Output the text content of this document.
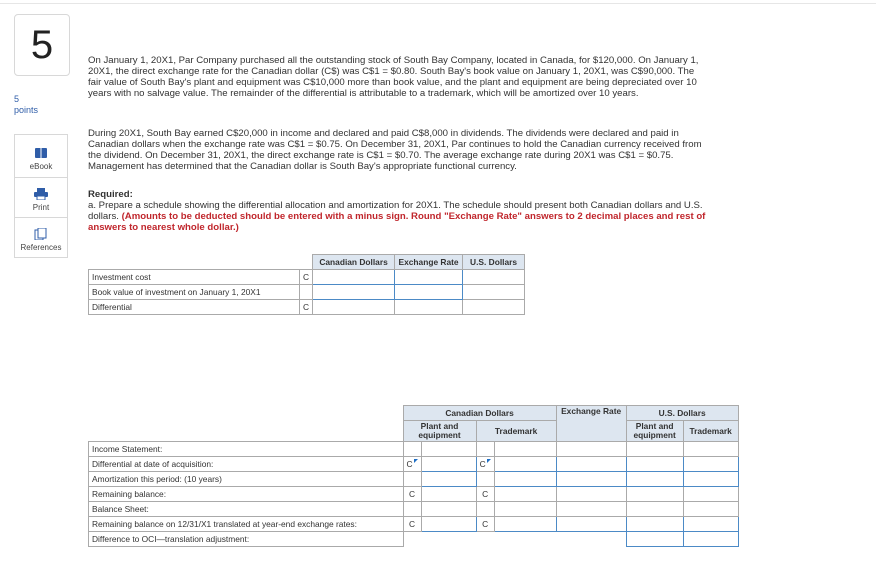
5
5
points
eBook
Print
References
On January 1, 20X1, Par Company purchased all the outstanding stock of South Bay Company, located in Canada, for $120,000. On January 1, 20X1, the direct exchange rate for the Canadian dollar (C$) was C$1 = $0.80. South Bay's book value on January 1, 20X1, was C$90,000. The fair value of South Bay's plant and equipment was C$10,000 more than book value, and the plant and equipment are being depreciated over 10 years with no salvage value. The remainder of the differential is attributable to a trademark, which will be amortized over 10 years.
During 20X1, South Bay earned C$20,000 in income and declared and paid C$8,000 in dividends. The dividends were declared and paid in Canadian dollars when the exchange rate was C$1 = $0.75. On December 31, 20X1, Par continues to hold the Canadian currency received from the dividend. On December 31, 20X1, the direct exchange rate is C$1 = $0.70. The average exchange rate during 20X1 was C$1 = $0.75. Management has determined that the Canadian dollar is South Bay's appropriate functional currency.
Required:
a. Prepare a schedule showing the differential allocation and amortization for 20X1. The schedule should present both Canadian dollars and U.S. dollars. (Amounts to be deducted should be entered with a minus sign. Round "Exchange Rate" answers to 2 decimal places and rest of answers to nearest whole dollar.)
		Canadian Dollars	Exchange Rate	U.S. Dollars
Investment cost	C			
Book value of investment on January 1, 20X1				
Differential	C			
	Canadian Dollars				Exchange Rate	U.S. Dollars	
	Plant and equipment		Trademark			Plant and equipment	Trademark
Income Statement:							
Differential at date of acquisition:	C		C				
Amortization this period: (10 years)							
Remaining balance:	C		C				
Balance Sheet:							
Remaining balance on 12/31/X1 translated at year-end exchange rates:	C		C				
Difference to OCI—translation adjustment:							
